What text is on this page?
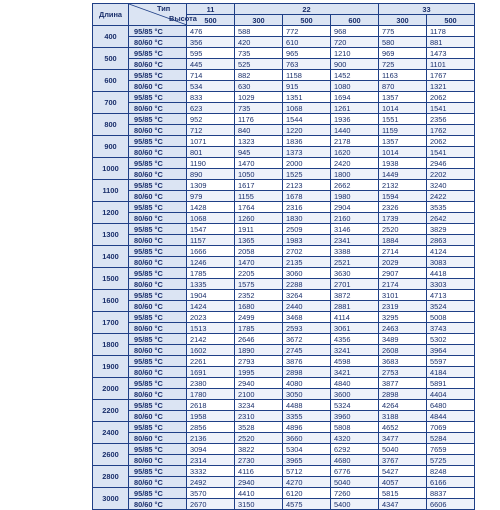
Длина	Тип
Высота	11	22			33	
		500	300	500	600	300	500
400	95/85 °C	476	588	772	968	775	1178
	80/60 °C	356	420	610	720	580	881
500	95/85 °C	595	735	965	1210	969	1473
	80/60 °C	445	525	763	900	725	1101
600	95/85 °C	714	882	1158	1452	1163	1767
	80/60 °C	534	630	915	1080	870	1321
700	95/85 °C	833	1029	1351	1694	1357	2062
	80/60 °C	623	735	1068	1261	1014	1541
800	95/85 °C	952	1176	1544	1936	1551	2356
	80/60 °C	712	840	1220	1440	1159	1762
900	95/85 °C	1071	1323	1836	2178	1357	2062
	80/60 °C	801	945	1373	1620	1014	1541
1000	95/85 °C	1190	1470	2000	2420	1938	2946
	80/60 °C	890	1050	1525	1800	1449	2202
1100	95/85 °C	1309	1617	2123	2662	2132	3240
	80/60 °C	979	1155	1678	1980	1594	2422
1200	95/85 °C	1428	1764	2316	2904	2326	3535
	80/60 °C	1068	1260	1830	2160	1739	2642
1300	95/85 °C	1547	1911	2509	3146	2520	3829
	80/60 °C	1157	1365	1983	2341	1884	2863
1400	95/85 °C	1666	2058	2702	3388	2714	4124
	80/60 °C	1246	1470	2135	2521	2029	3083
1500	95/85 °C	1785	2205	3060	3630	2907	4418
	80/60 °C	1335	1575	2288	2701	2174	3303
1600	95/85 °C	1904	2352	3264	3872	3101	4713
	80/60 °C	1424	1680	2440	2881	2319	3524
1700	95/85 °C	2023	2499	3468	4114	3295	5008
	80/60 °C	1513	1785	2593	3061	2463	3743
1800	95/85 °C	2142	2646	3672	4356	3489	5302
	80/60 °C	1602	1890	2745	3241	2608	3964
1900	95/85 °C	2261	2793	3876	4598	3683	5597
	80/60 °C	1691	1995	2898	3421	2753	4184
2000	95/85 °C	2380	2940	4080	4840	3877	5891
	80/60 °C	1780	2100	3050	3600	2898	4404
2200	95/85 °C	2618	3234	4488	5324	4264	6480
	80/60 °C	1958	2310	3355	3960	3188	4844
2400	95/85 °C	2856	3528	4896	5808	4652	7069
	80/60 °C	2136	2520	3660	4320	3477	5284
2600	95/85 °C	3094	3822	5304	6292	5040	7659
	80/60 °C	2314	2730	3965	4680	3767	5725
2800	95/85 °C	3332	4116	5712	6776	5427	8248
	80/60 °C	2492	2940	4270	5040	4057	6166
3000	95/85 °C	3570	4410	6120	7260	5815	8837
	80/60 °C	2670	3150	4575	5400	4347	6606
